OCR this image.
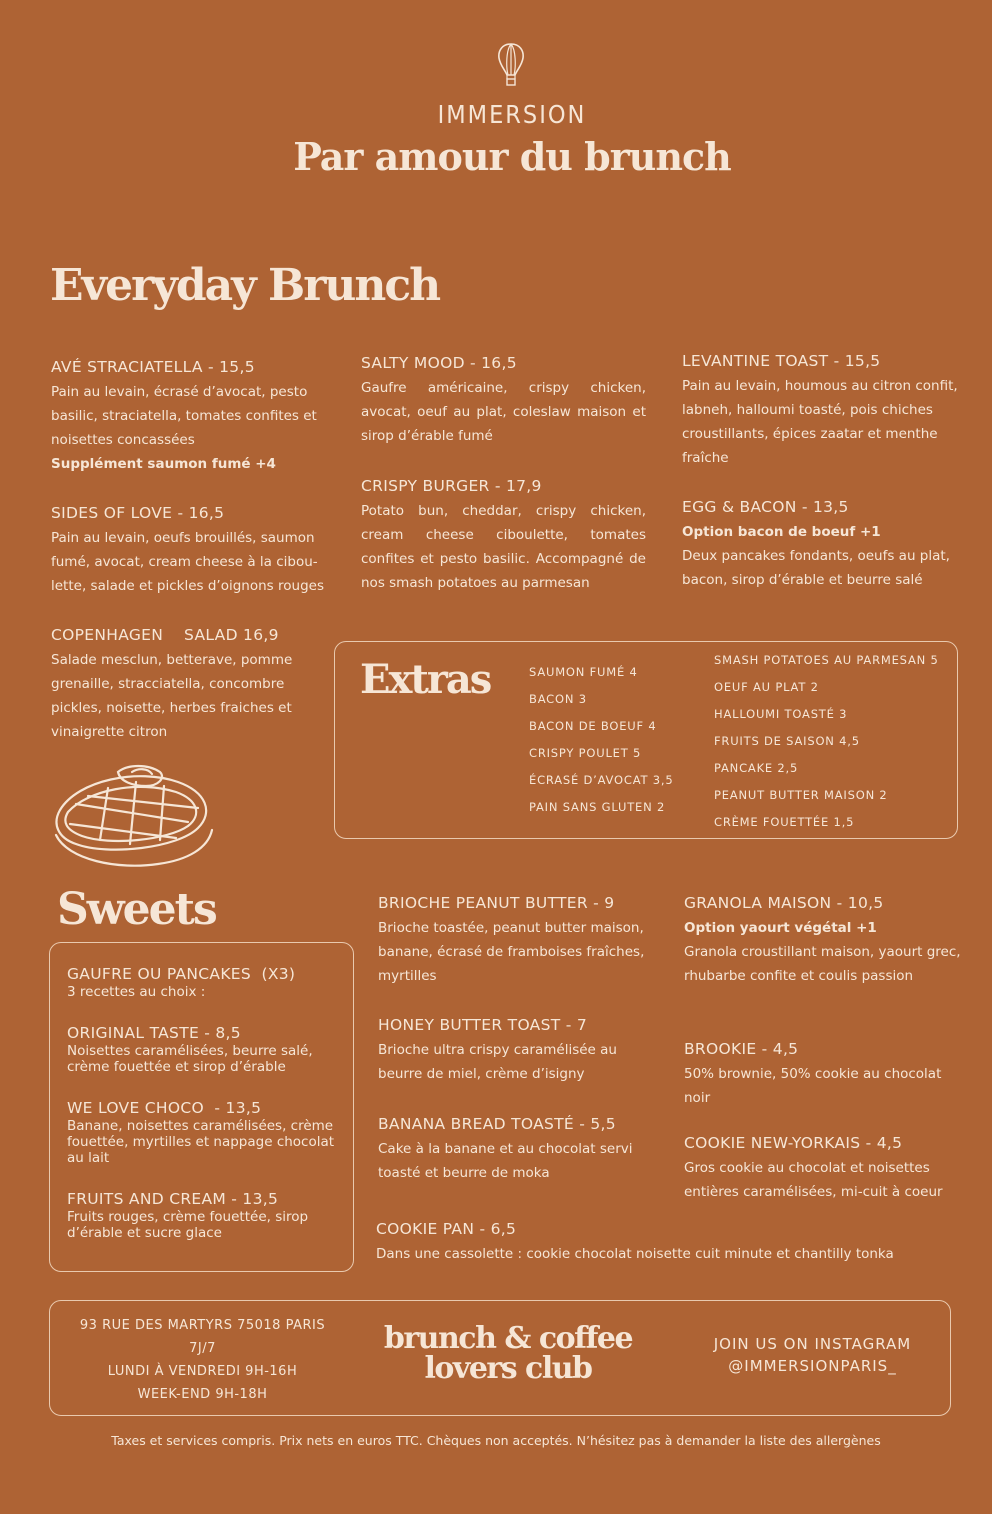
IMMERSION
Par amour du brunch
Everyday Brunch
AVÉ STRACIATELLA - 15,5
Pain au levain, écrasé d’avocat, pesto basilic, straciatella, tomates confites et noisettes concassées
Supplément saumon fumé +4
SIDES OF LOVE - 16,5
Pain au levain, oeufs brouillés, saumon fumé, avocat, cream cheese à la cibou-lette, salade et pickles d’oignons rouges
COPENHAGEN    SALAD 16,9
Salade mesclun, betterave, pomme grenaille, stracciatella, concombre pickles, noisette, herbes fraiches et vinaigrette citron
SALTY MOOD - 16,5
Gaufre américaine, crispy chicken, avocat, oeuf au plat, coleslaw maison et sirop d’érable fumé
CRISPY BURGER - 17,9
Potato bun, cheddar, crispy chicken, cream cheese ciboulette, tomates confites et pesto basilic. Accompagné de nos smash potatoes au parmesan
LEVANTINE TOAST - 15,5
Pain au levain, houmous au citron confit, labneh, halloumi toasté, pois chiches croustillants, épices zaatar et menthe fraîche
EGG & BACON - 13,5
Option bacon de boeuf +1
Deux pancakes fondants, oeufs au plat, bacon, sirop d’érable et beurre salé
Extras	SAUMON FUMÉ 4
BACON 3
BACON DE BOEUF 4
CRISPY POULET 5
ÉCRASÉ D’AVOCAT 3,5
PAIN SANS GLUTEN 2
SMASH POTATOES AU PARMESAN 5
OEUF AU PLAT 2
HALLOUMI TOASTÉ 3
FRUITS DE SAISON 4,5
PANCAKE 2,5
PEANUT BUTTER MAISON 2
CRÈME FOUETTÉE 1,5
Sweets
GAUFRE OU PANCAKES  (X3)
3 recettes au choix :
ORIGINAL TASTE - 8,5
Noisettes caramélisées, beurre salé, crème fouettée et sirop d’érable
WE LOVE CHOCO  - 13,5
Banane, noisettes caramélisées, crème fouettée, myrtilles et nappage chocolat au lait
FRUITS AND CREAM - 13,5
Fruits rouges, crème fouettée, sirop d’érable et sucre glace
BRIOCHE PEANUT BUTTER - 9
Brioche toastée, peanut butter maison, banane, écrasé de framboises fraîches, myrtilles
HONEY BUTTER TOAST - 7
Brioche ultra crispy caramélisée au beurre de miel, crème d’isigny
BANANA BREAD TOASTÉ - 5,5
Cake à la banane et au chocolat servi toasté et beurre de moka
COOKIE PAN - 6,5
Dans une cassolette : cookie chocolat noisette cuit minute et chantilly tonka
GRANOLA MAISON - 10,5
Option yaourt végétal +1
Granola croustillant maison, yaourt grec, rhubarbe confite et coulis passion
BROOKIE - 4,5
50% brownie, 50% cookie au chocolat noir
COOKIE NEW-YORKAIS - 4,5
Gros cookie au chocolat et noisettes entières caramélisées, mi-cuit à coeur
93 RUE DES MARTYRS 75018 PARIS
7J/7
LUNDI À VENDREDI 9H-16H
WEEK-END 9H-18H
brunch & coffee
lovers club
JOIN US ON INSTAGRAM
@IMMERSIONPARIS_
Taxes et services compris. Prix nets en euros TTC. Chèques non acceptés. N’hésitez pas à demander la liste des allergènes
